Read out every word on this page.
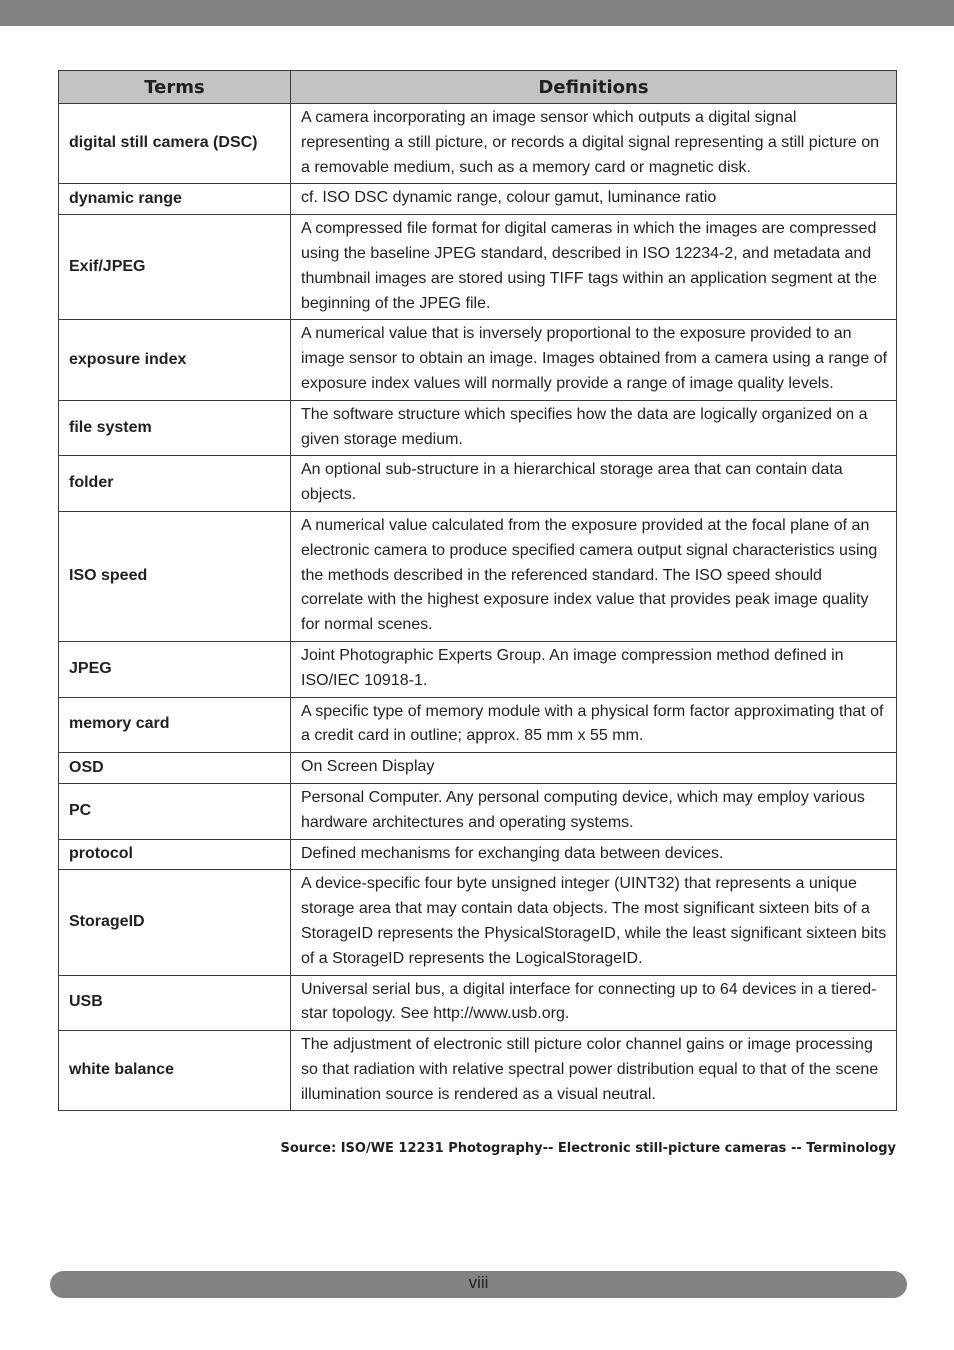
Terms	Definitions
digital still camera (DSC)	A camera incorporating an image sensor which outputs a digital signal representing a still picture, or records a digital signal representing a still picture on a removable medium, such as a memory card or magnetic disk.
dynamic range	cf. ISO DSC dynamic range, colour gamut, luminance ratio
Exif/JPEG	A compressed file format for digital cameras in which the images are compressed using the baseline JPEG standard, described in ISO 12234-2, and metadata and thumbnail images are stored using TIFF tags within an application segment at the beginning of the JPEG file.
exposure index	A numerical value that is inversely proportional to the exposure provided to an image sensor to obtain an image. Images obtained from a camera using a range of exposure index values will normally provide a range of image quality levels.
file system	The software structure which specifies how the data are logically organized on a given storage medium.
folder	An optional sub-structure in a hierarchical storage area that can contain data objects.
ISO speed	A numerical value calculated from the exposure provided at the focal plane of an electronic camera to produce specified camera output signal characteristics using the methods described in the referenced standard. The ISO speed should correlate with the highest exposure index value that provides peak image quality for normal scenes.
JPEG	Joint Photographic Experts Group. An image compression method defined in ISO/IEC 10918-1.
memory card	A specific type of memory module with a physical form factor approximating that of a credit card in outline; approx. 85 mm x 55 mm.
OSD	On Screen Display
PC	Personal Computer. Any personal computing device, which may employ various hardware architectures and operating systems.
protocol	Defined mechanisms for exchanging data between devices.
StorageID	A device-specific four byte unsigned integer (UINT32) that represents a unique storage area that may contain data objects. The most significant sixteen bits of a StorageID represents the PhysicalStorageID, while the least significant sixteen bits of a StorageID represents the LogicalStorageID.
USB	Universal serial bus, a digital interface for connecting up to 64 devices in a tiered-star topology. See http://www.usb.org.
white balance	The adjustment of electronic still picture color channel gains or image processing so that radiation with relative spectral power distribution equal to that of the scene illumination source is rendered as a visual neutral.
Source: ISO/WE 12231 Photography-- Electronic still-picture cameras -- Terminology
viii
